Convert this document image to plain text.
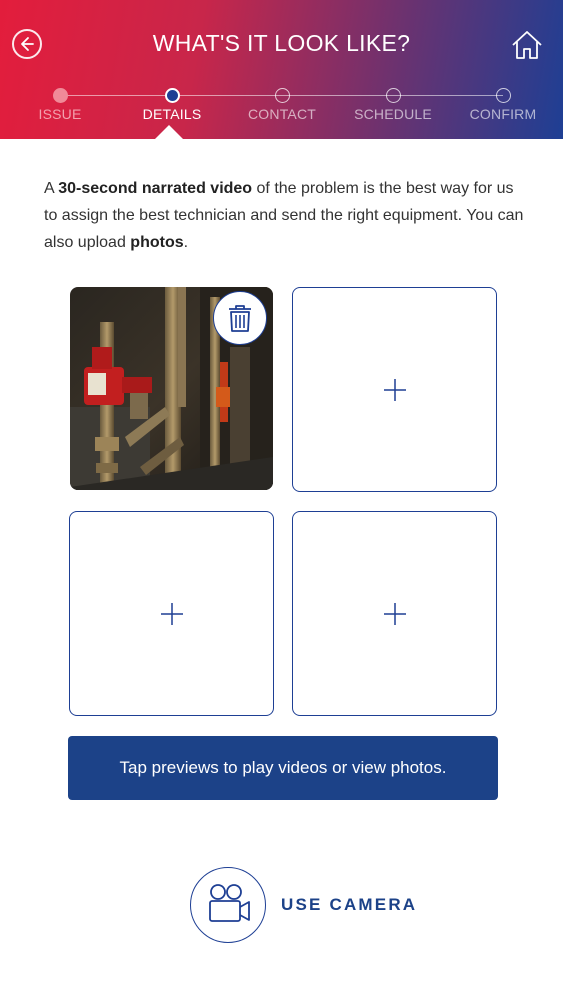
WHAT'S IT LOOK LIKE?
ISSUE	DETAILS	CONTACT	SCHEDULE	CONFIRM
A 30-second narrated video of the problem is the best way for us to assign the best technician and send the right equipment. You can also upload photos.
Tap previews to play videos or view photos.
USE CAMERA
